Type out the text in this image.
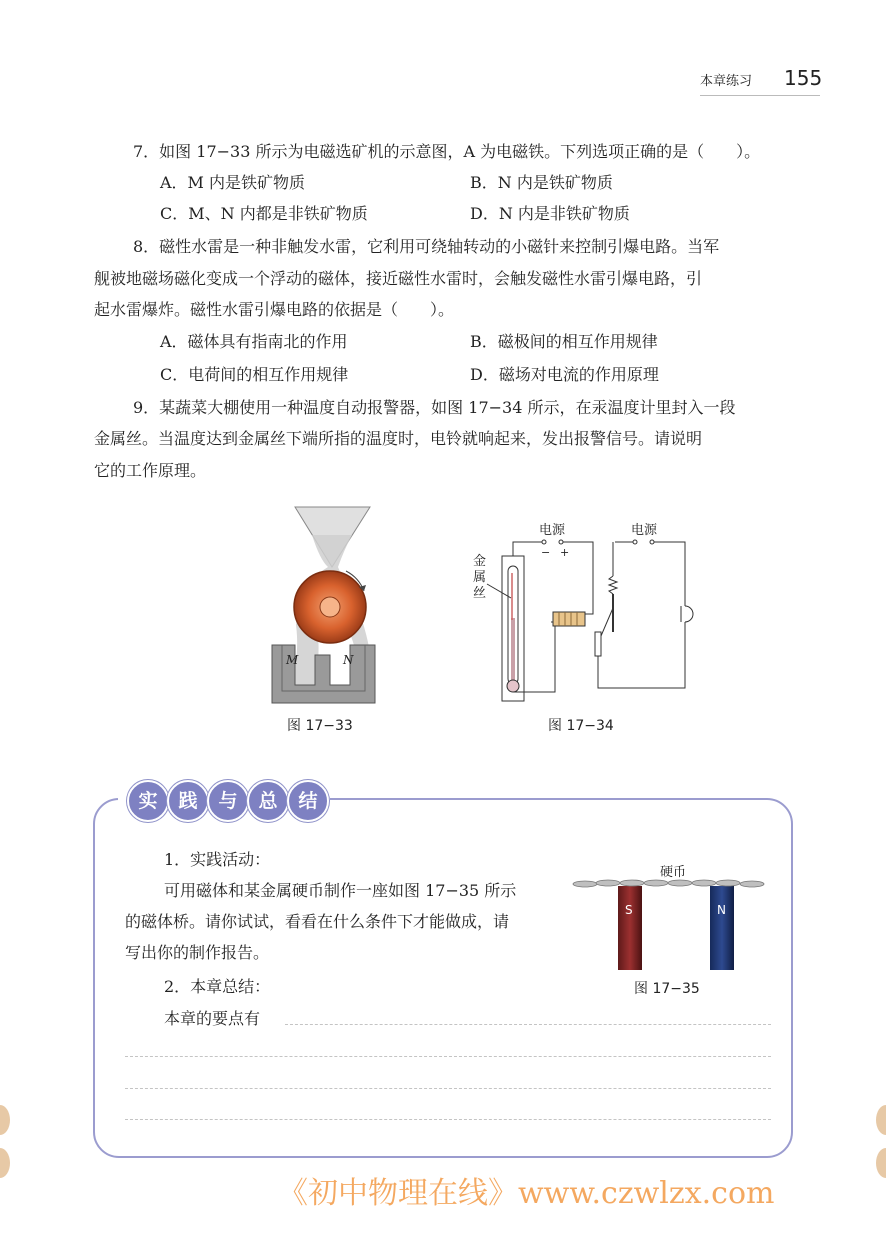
本章练习 155
7．如图 17−33 所示为电磁选矿机的示意图，A 为电磁铁。下列选项正确的是（　　）。
A．M 内是铁矿物质	B．N 内是铁矿物质
C．M、N 内都是非铁矿物质	D．N 内是非铁矿物质
8．磁性水雷是一种非触发水雷，它利用可绕轴转动的小磁针来控制引爆电路。当军
舰被地磁场磁化变成一个浮动的磁体，接近磁性水雷时，会触发磁性水雷引爆电路，引
起水雷爆炸。磁性水雷引爆电路的依据是（　　）。
A．磁体具有指南北的作用	B．磁极间的相互作用规律
C．电荷间的相互作用规律	D．磁场对电流的作用原理
9．某蔬菜大棚使用一种温度自动报警器，如图 17−34 所示，在汞温度计里封入一段
金属丝。当温度达到金属丝下端所指的温度时，电铃就响起来，发出报警信号。请说明
它的工作原理。
M	N
图 17−33
电源	电源
− +
金
属
丝
图 17−34
实	践	与	总	结
1．实践活动：
可用磁体和某金属硬币制作一座如图 17−35 所示
的磁体桥。请你试试，看看在什么条件下才能做成，请
写出你的制作报告。
2．本章总结：
本章的要点有
硬币
S	N
图 17−35
《初中物理在线》www.czwlzx.com
